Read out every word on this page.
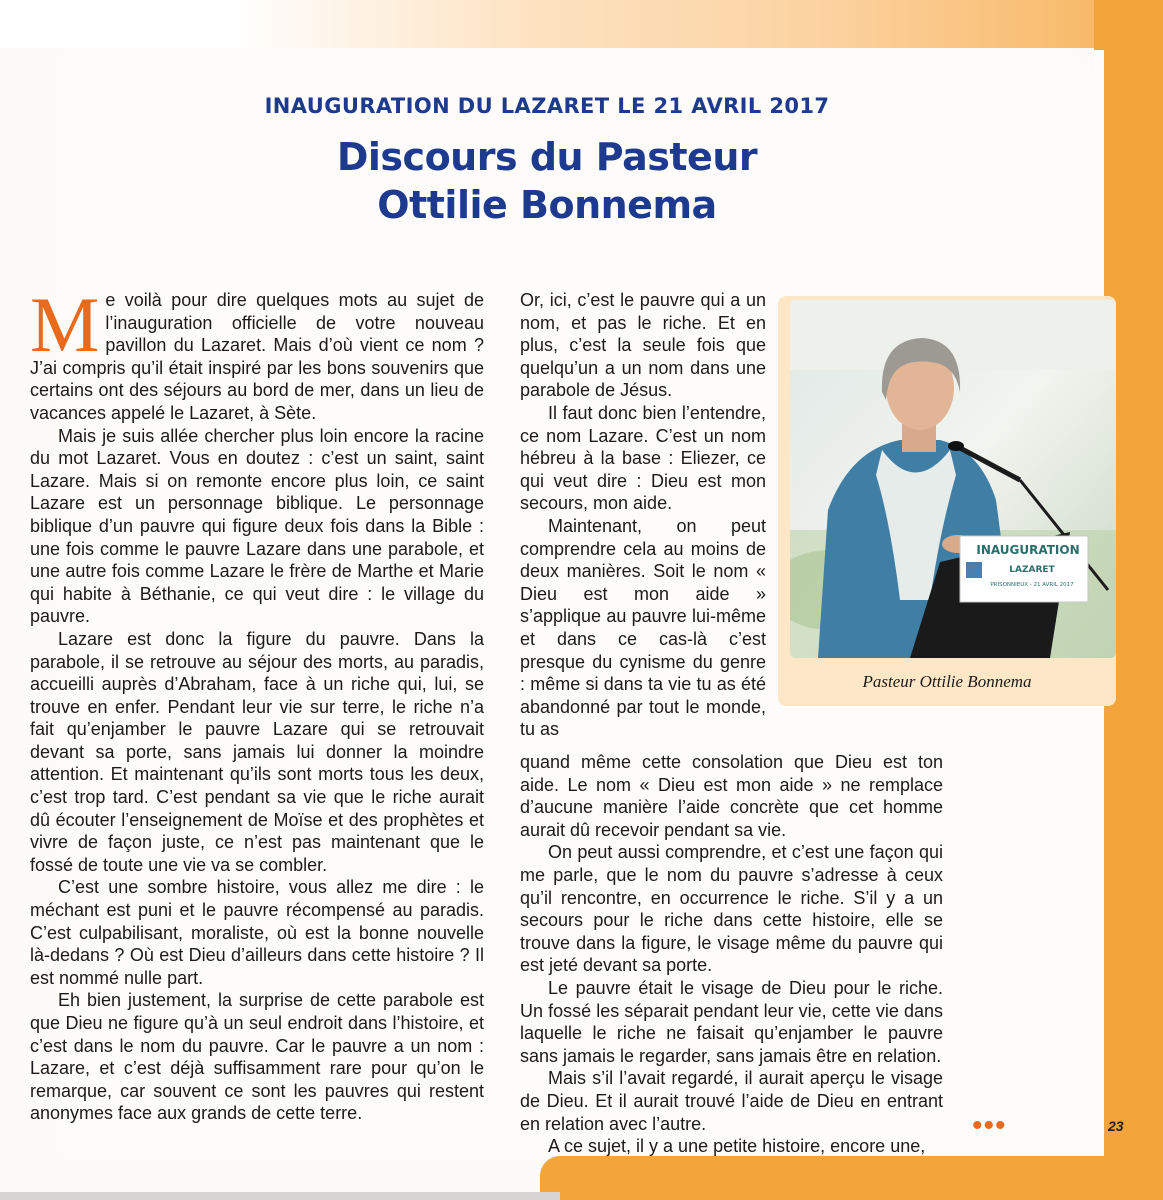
INAUGURATION DU LAZARET LE 21 AVRIL 2017
Discours du Pasteur
Ottilie Bonnema

Me voilà pour dire quelques mots au sujet de l’inauguration officielle de votre nouveau pavillon du Lazaret. Mais d’où vient ce nom ? J’ai compris qu’il était inspiré par les bons souvenirs que certains ont des séjours au bord de mer, dans un lieu de vacances appelé le Lazaret, à Sète.

Mais je suis allée chercher plus loin encore la racine du mot Lazaret. Vous en doutez : c’est un saint, saint Lazare. Mais si on remonte encore plus loin, ce saint Lazare est un personnage biblique. Le personnage biblique d’un pauvre qui figure deux fois dans la Bible : une fois comme le pauvre Lazare dans une parabole, et une autre fois comme Lazare le frère de Marthe et Marie qui habite à Béthanie, ce qui veut dire : le village du pauvre.

Lazare est donc la figure du pauvre. Dans la parabole, il se retrouve au séjour des morts, au paradis, accueilli auprès d’Abraham, face à un riche qui, lui, se trouve en enfer. Pendant leur vie sur terre, le riche n’a fait qu’enjamber le pauvre Lazare qui se retrouvait devant sa porte, sans jamais lui donner la moindre attention. Et maintenant qu’ils sont morts tous les deux, c’est trop tard. C’est pendant sa vie que le riche aurait dû écouter l’enseignement de Moïse et des prophètes et vivre de façon juste, ce n’est pas maintenant que le fossé de toute une vie va se combler.

C’est une sombre histoire, vous allez me dire : le méchant est puni et le pauvre récompensé au paradis. C’est culpabilisant, moraliste, où est la bonne nouvelle là-dedans ? Où est Dieu d’ailleurs dans cette histoire ? Il est nommé nulle part.

Eh bien justement, la surprise de cette parabole est que Dieu ne figure qu’à un seul endroit dans l’histoire, et c’est dans le nom du pauvre. Car le pauvre a un nom : Lazare, et c’est déjà suffisamment rare pour qu’on le remarque, car souvent ce sont les pauvres qui restent anonymes face aux grands de cette terre.

Or, ici, c’est le pauvre qui a un nom, et pas le riche. Et en plus, c’est la seule fois que quelqu’un a un nom dans une parabole de Jésus.

Il faut donc bien l’entendre, ce nom Lazare. C’est un nom hébreu à la base : Eliezer, ce qui veut dire : Dieu est mon secours, mon aide.

Maintenant, on peut comprendre cela au moins de deux manières. Soit le nom « Dieu est mon aide » s’applique au pauvre lui-même et dans ce cas-là c’est presque du cynisme du genre : même si dans ta vie tu as été abandonné par tout le monde, tu as

quand même cette consolation que Dieu est ton aide. Le nom « Dieu est mon aide » ne remplace d’aucune manière l’aide concrète que cet homme aurait dû recevoir pendant sa vie.

On peut aussi comprendre, et c’est une façon qui me parle, que le nom du pauvre s’adresse à ceux qu’il rencontre, en occurrence le riche. S’il y a un secours pour le riche dans cette histoire, elle se trouve dans la figure, le visage même du pauvre qui est jeté devant sa porte.

Le pauvre était le visage de Dieu pour le riche. Un fossé les séparait pendant leur vie, cette vie dans laquelle le riche ne faisait qu’enjamber le pauvre sans jamais le regarder, sans jamais être en relation.

Mais s’il l’avait regardé, il aurait aperçu le visage de Dieu. Et il aurait trouvé l’aide de Dieu en entrant en relation avec l’autre.

A ce sujet, il y a une petite histoire, encore une,

INAUGURATION
LAZARET
PRISONNIEUX - 21 AVRIL 2017
Pasteur Ottilie Bonnema
•••	23
